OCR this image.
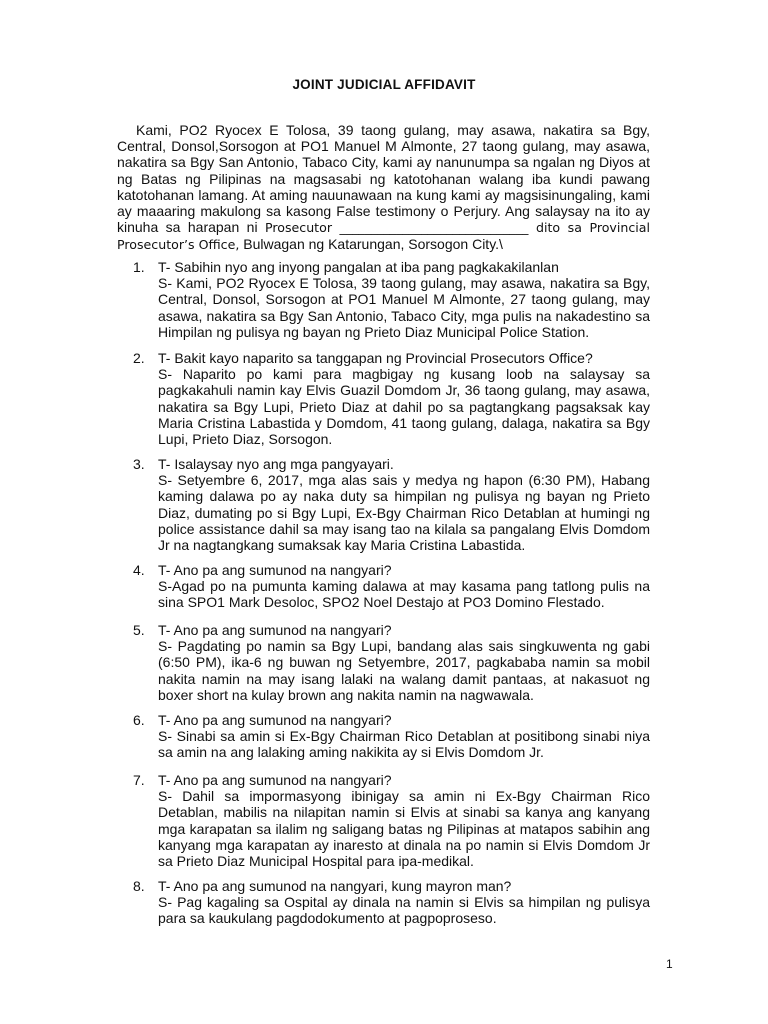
JOINT JUDICIAL AFFIDAVIT

Kami, PO2 Ryocex E Tolosa, 39 taong gulang, may asawa, nakatira sa Bgy, Central, Donsol,Sorsogon at PO1 Manuel M Almonte, 27 taong gulang, may asawa, nakatira sa Bgy San Antonio, Tabaco City, kami ay nanunumpa sa ngalan ng Diyos at ng Batas ng Pilipinas na magsasabi ng katotohanan walang iba kundi pawang katotohanan lamang. At aming nauunawaan na kung kami ay magsisinungaling, kami ay maaaring makulong sa kasong False testimony o Perjury. Ang salaysay na ito ay kinuha sa harapan ni Prosecutor ______________________________ dito sa Provincial Prosecutor’s Office, Bulwagan ng Katarungan, Sorsogon City.\

1. T- Sabihin nyo ang inyong pangalan at iba pang pagkakakilanlan

S- Kami, PO2 Ryocex E Tolosa, 39 taong gulang, may asawa, nakatira sa Bgy, Central, Donsol, Sorsogon at PO1 Manuel M Almonte, 27 taong gulang, may asawa, nakatira sa Bgy San Antonio, Tabaco City, mga pulis na nakadestino sa Himpilan ng pulisya ng bayan ng Prieto Diaz Municipal Police Station.

2. T- Bakit kayo naparito sa tanggapan ng Provincial Prosecutors Office?

S- Naparito po kami para magbigay ng kusang loob na salaysay sa pagkakahuli namin kay Elvis Guazil Domdom Jr, 36 taong gulang, may asawa, nakatira sa Bgy Lupi, Prieto Diaz at dahil po sa pagtangkang pagsaksak kay Maria Cristina Labastida y Domdom, 41 taong gulang, dalaga, nakatira sa Bgy Lupi, Prieto Diaz, Sorsogon.

3. T- Isalaysay nyo ang mga pangyayari.

S- Setyembre 6, 2017, mga alas sais y medya ng hapon (6:30 PM), Habang kaming dalawa po ay naka duty sa himpilan ng pulisya ng bayan ng Prieto Diaz, dumating po si Bgy Lupi, Ex-Bgy Chairman Rico Detablan at humingi ng police assistance dahil sa may isang tao na kilala sa pangalang Elvis Domdom Jr na nagtangkang sumaksak kay Maria Cristina Labastida.

4. T- Ano pa ang sumunod na nangyari?

S-Agad po na pumunta kaming dalawa at may kasama pang tatlong pulis na sina SPO1 Mark Desoloc, SPO2 Noel Destajo at PO3 Domino Flestado.

5. T- Ano pa ang sumunod na nangyari?

S- Pagdating po namin sa Bgy Lupi, bandang alas sais singkuwenta ng gabi (6:50 PM), ika-6 ng buwan ng Setyembre, 2017, pagkababa namin sa mobil nakita namin na may isang lalaki na walang damit pantaas, at nakasuot ng boxer short na kulay brown ang nakita namin na nagwawala.

6. T- Ano pa ang sumunod na nangyari?

S- Sinabi sa amin si Ex-Bgy Chairman Rico Detablan at positibong sinabi niya sa amin na ang lalaking aming nakikita ay si Elvis Domdom Jr.

7. T- Ano pa ang sumunod na nangyari?

S- Dahil sa impormasyong ibinigay sa amin ni Ex-Bgy Chairman Rico Detablan, mabilis na nilapitan namin si Elvis at sinabi sa kanya ang kanyang mga karapatan sa ilalim ng saligang batas ng Pilipinas at matapos sabihin ang kanyang mga karapatan ay inaresto at dinala na po namin si Elvis Domdom Jr sa Prieto Diaz Municipal Hospital para ipa-medikal.

8. T- Ano pa ang sumunod na nangyari, kung mayron man?

S- Pag kagaling sa Ospital ay dinala na namin si Elvis sa himpilan ng pulisya para sa kaukulang pagdodokumento at pagpoproseso.

1
